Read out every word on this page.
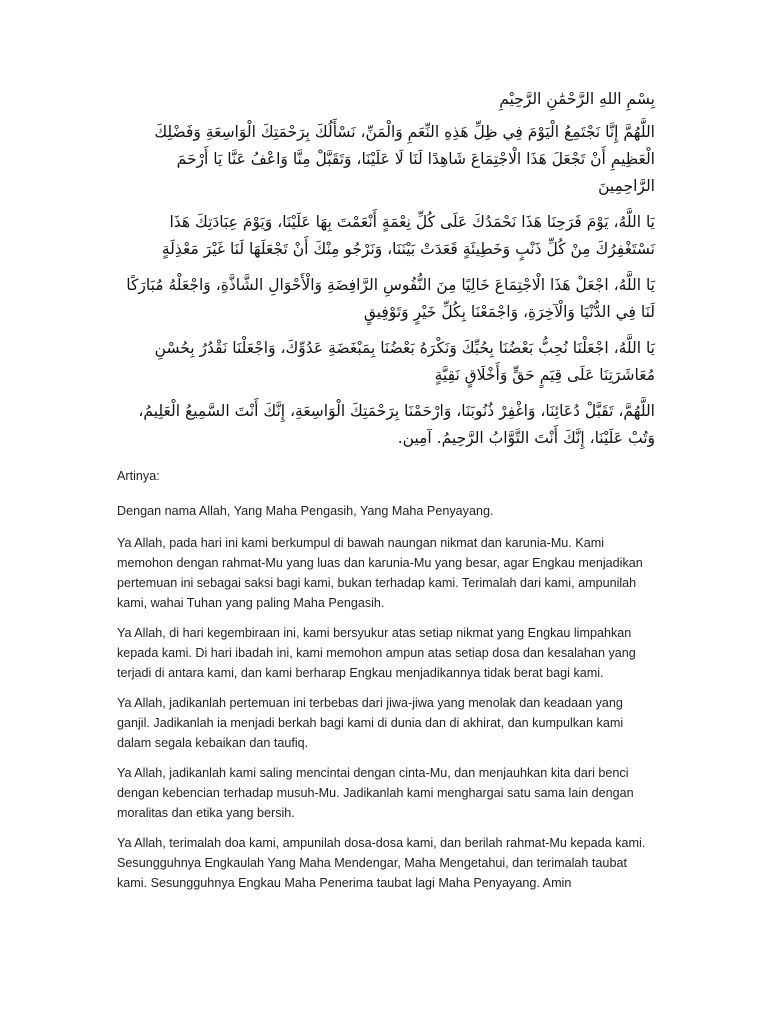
بِسْمِ اللهِ الرَّحْمَٰنِ الرَّحِيْمِ

اللَّهُمَّ إِنَّا نَجْتَمِعُ الْيَوْمَ فِي ظِلِّ هَذِهِ النِّعَمِ وَالْمَنِّ، نَسْأَلُكَ بِرَحْمَتِكَ الْوَاسِعَةِ وَفَضْلِكَ الْعَظِيمِ أَنْ تَجْعَلَ هَذَا الْاجْتِمَاعَ شَاهِدًا لَنَا لَا عَلَيْنَا، وَتَقَبَّلْ مِنَّا وَاعْفُ عَنَّا يَا أَرْحَمَ الرَّاحِمِينَ

يَا اللَّهُ، يَوْمَ فَرَحِنَا هَذَا نَحْمَدُكَ عَلَى كُلِّ نِعْمَةٍ أَنْعَمْتَ بِهَا عَلَيْنَا، وَيَوْمَ عِبَادَتِكَ هَذَا نَسْتَغْفِرُكَ مِنْ كُلِّ ذَنْبٍ وَخَطِيئَةٍ قَعَدَتْ بَيْنَنَا، وَنَرْجُو مِنْكَ أَنْ تَجْعَلَهَا لَنَا غَيْرَ مَعْذِلَةٍ

يَا اللَّهُ، اجْعَلْ هَذَا الْاجْتِمَاعَ خَالِيًا مِنَ النُّفُوسِ الرَّافِضَةِ وَالْأَحْوَالِ الشَّاذَّةِ، وَاجْعَلْهُ مُبَارَكًا لَنَا فِي الدُّنْيَا وَالْآخِرَةِ، وَاجْمَعْنَا بِكُلِّ خَيْرٍ وَتَوْفِيقٍ

يَا اللَّهُ، اجْعَلْنَا نُحِبُّ بَعْضُنَا بِحُبِّكَ وَنَكْرَهُ بَعْضُنَا بِمَبْغَضَةِ عَدُوِّكَ، وَاجْعَلْنَا نَقْدُرُ بِحُسْنِ مُعَاشَرَتِنَا عَلَى قِيَمٍ حَقٍّ وَأَخْلَاقٍ نَقِيَّةٍ

اللَّهُمَّ، تَقَبَّلْ دُعَائِنَا، وَاغْفِرْ ذُنُوبَنَا، وَارْحَمْنَا بِرَحْمَتِكَ الْوَاسِعَةِ، إِنَّكَ أَنْتَ السَّمِيعُ الْعَلِيمُ، وَتُبْ عَلَيْنَا، إِنَّكَ أَنْتَ التَّوَّابُ الرَّحِيمُ. آمِين.

Artinya:

Dengan nama Allah, Yang Maha Pengasih, Yang Maha Penyayang.

Ya Allah, pada hari ini kami berkumpul di bawah naungan nikmat dan karunia-Mu. Kami memohon dengan rahmat-Mu yang luas dan karunia-Mu yang besar, agar Engkau menjadikan pertemuan ini sebagai saksi bagi kami, bukan terhadap kami. Terimalah dari kami, ampunilah kami, wahai Tuhan yang paling Maha Pengasih.

Ya Allah, di hari kegembiraan ini, kami bersyukur atas setiap nikmat yang Engkau limpahkan kepada kami. Di hari ibadah ini, kami memohon ampun atas setiap dosa dan kesalahan yang terjadi di antara kami, dan kami berharap Engkau menjadikannya tidak berat bagi kami.

Ya Allah, jadikanlah pertemuan ini terbebas dari jiwa-jiwa yang menolak dan keadaan yang ganjil. Jadikanlah ia menjadi berkah bagi kami di dunia dan di akhirat, dan kumpulkan kami dalam segala kebaikan dan taufiq.

Ya Allah, jadikanlah kami saling mencintai dengan cinta-Mu, dan menjauhkan kita dari benci dengan kebencian terhadap musuh-Mu. Jadikanlah kami menghargai satu sama lain dengan moralitas dan etika yang bersih.

Ya Allah, terimalah doa kami, ampunilah dosa-dosa kami, dan berilah rahmat-Mu kepada kami. Sesungguhnya Engkaulah Yang Maha Mendengar, Maha Mengetahui, dan terimalah taubat kami. Sesungguhnya Engkau Maha Penerima taubat lagi Maha Penyayang. Amin
